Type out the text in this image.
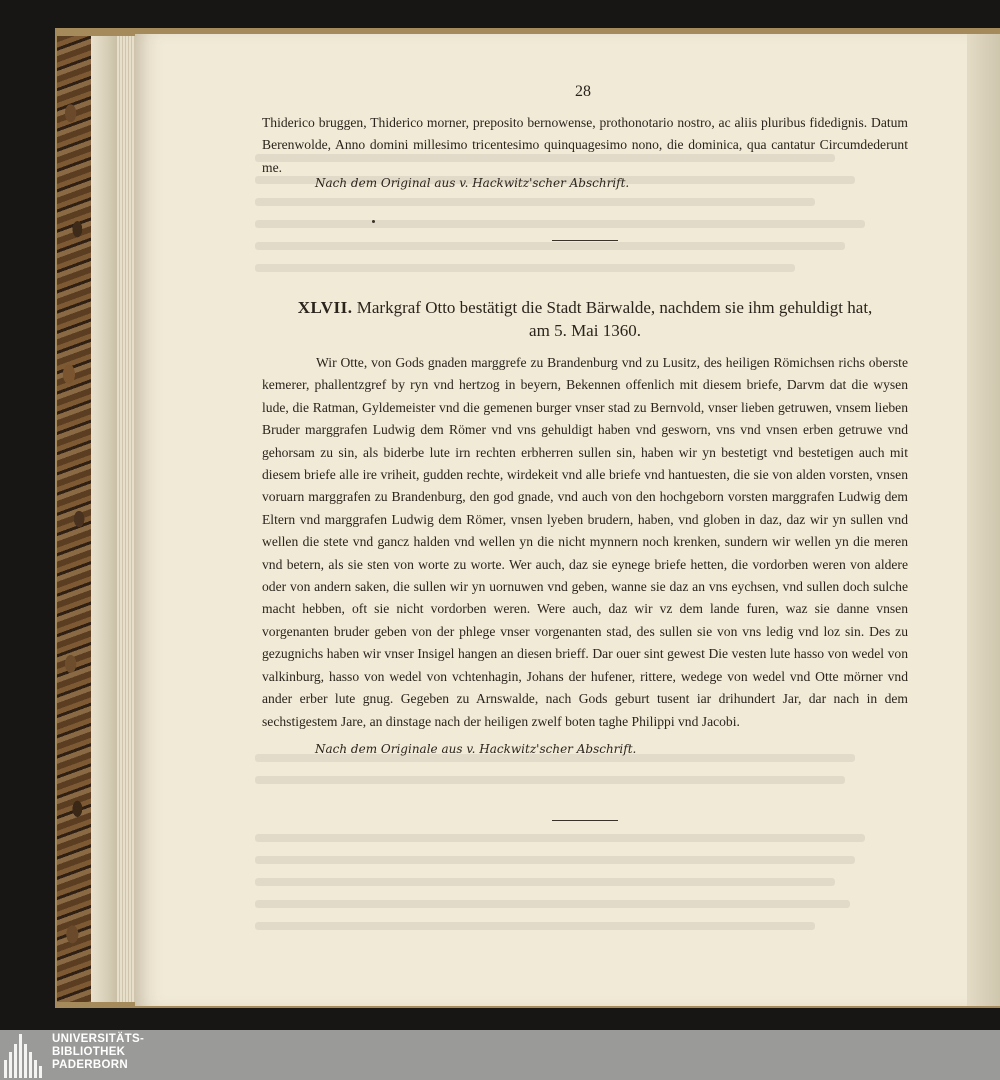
28
Thiderico bruggen, Thiderico morner, preposito bernowense, prothonotario nostro, ac aliis pluribus fidedignis. Datum Berenwolde, Anno domini millesimo tricentesimo quinquagesimo nono, die dominica, qua cantatur Circumdederunt me.
Nach dem Original aus v. Hackwitz'scher Abschrift.
XLVII. Markgraf Otto bestätigt die Stadt Bärwalde, nachdem sie ihm gehuldigt hat,
am 5. Mai 1360.
Wir Otte, von Gods gnaden marggrefe zu Brandenburg vnd zu Lusitz, des heiligen Römichsen richs oberste kemerer, phallentzgref by ryn vnd hertzog in beyern, Bekennen offenlich mit diesem briefe, Darvm dat die wysen lude, die Ratman, Gyldemeister vnd die gemenen burger vnser stad zu Bernvold, vnser lieben getruwen, vnsem lieben Bruder marggrafen Ludwig dem Römer vnd vns gehuldigt haben vnd gesworn, vns vnd vnsen erben getruwe vnd gehorsam zu sin, als biderbe lute irn rechten erbherren sullen sin, haben wir yn bestetigt vnd bestetigen auch mit diesem briefe alle ire vriheit, gudden rechte, wirdekeit vnd alle briefe vnd hantuesten, die sie von alden vorsten, vnsen voruarn marggrafen zu Brandenburg, den god gnade, vnd auch von den hochgeborn vorsten marggrafen Ludwig dem Eltern vnd marggrafen Ludwig dem Römer, vnsen lyeben brudern, haben, vnd globen in daz, daz wir yn sullen vnd wellen die stete vnd gancz halden vnd wellen yn die nicht mynnern noch krenken, sundern wir wellen yn die meren vnd betern, als sie sten von worte zu worte. Wer auch, daz sie eynege briefe hetten, die vordorben weren von aldere oder von andern saken, die sullen wir yn uornuwen vnd geben, wanne sie daz an vns eychsen, vnd sullen doch sulche macht hebben, oft sie nicht vordorben weren. Were auch, daz wir vz dem lande furen, waz sie danne vnsen vorgenanten bruder geben von der phlege vnser vorgenanten stad, des sullen sie von vns ledig vnd loz sin. Des zu gezugnichs haben wir vnser Insigel hangen an diesen brieff. Dar ouer sint gewest Die vesten lute hasso von wedel von valkinburg, hasso von wedel von vchtenhagin, Johans der hufener, rittere, wedege von wedel vnd Otte mörner vnd ander erber lute gnug. Gegeben zu Arnswalde, nach Gods geburt tusent iar drihundert Jar, dar nach in dem sechstigestem Jare, an dinstage nach der heiligen zwelf boten taghe Philippi vnd Jacobi.
Nach dem Originale aus v. Hackwitz'scher Abschrift.
UNIVERSITÄTS-
BIBLIOTHEK
PADERBORN
